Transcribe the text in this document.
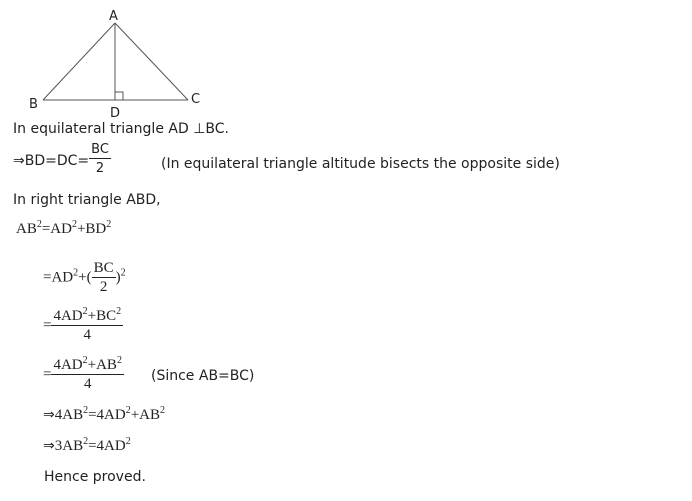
A
B	C
D
In equilateral triangle AD ⊥BC.
⇒BD=DC= $\frac{BC}{2}$	(In equilateral triangle altitude bisects the opposite side)
In right triangle ABD,
$AB^2=AD^2+BD^2$
$=AD^2+( \frac{BC}{2} )^2$
= $\frac{4AD^2+BC^2}{4}$
= $\frac{4AD^2+AB^2}{4}$ (Since AB=BC)
$\Rightarrow 4AB^2=4AD^2+AB^2$
$\Rightarrow 3AB^2=4AD^2$
Hence proved.
